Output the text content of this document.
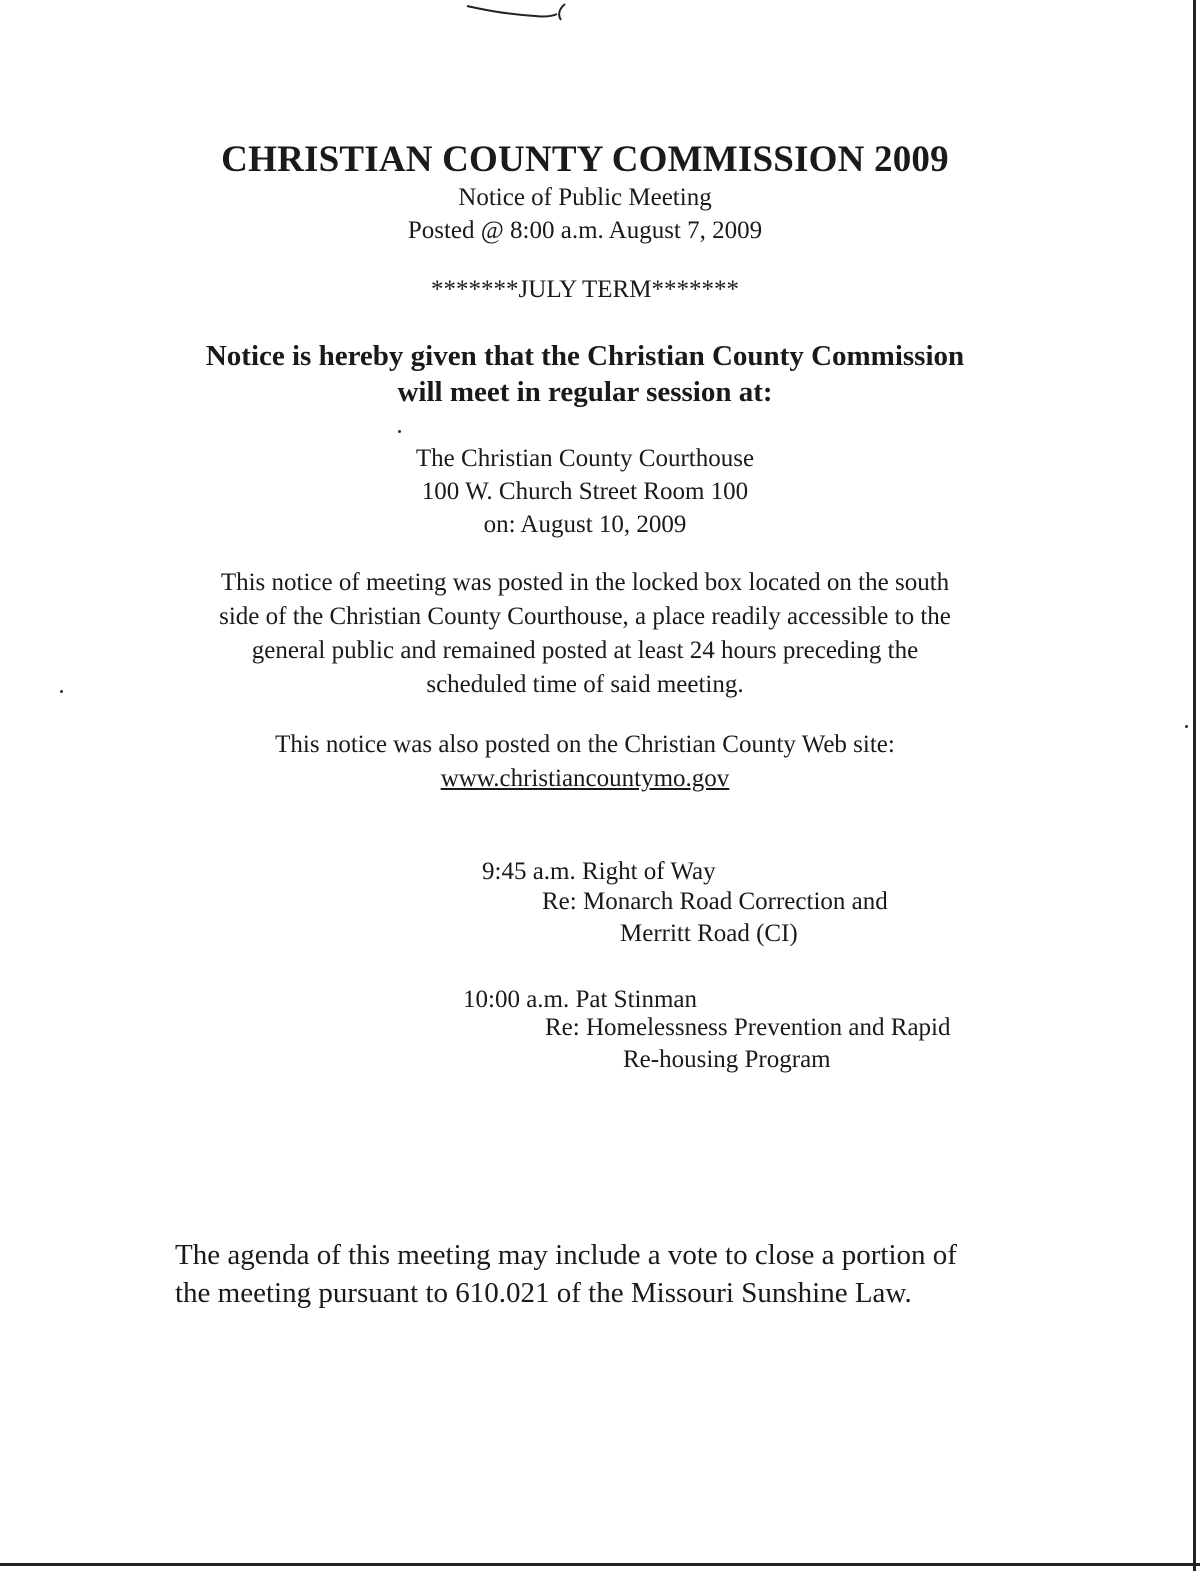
CHRISTIAN COUNTY COMMISSION 2009
Notice of Public Meeting
Posted @ 8:00 a.m. August 7, 2009
*******JULY TERM*******
Notice is hereby given that the Christian County Commission
will meet in regular session at:
The Christian County Courthouse
100 W. Church Street Room 100
on: August 10, 2009
This notice of meeting was posted in the locked box located on the south
side of the Christian County Courthouse, a place readily accessible to the
general public and remained posted at least 24 hours preceding the
scheduled time of said meeting.
This notice was also posted on the Christian County Web site:
www.christiancountymo.gov
9:45 a.m. Right of Way
Re: Monarch Road Correction and
Merritt Road (CI)
10:00 a.m. Pat Stinman
Re: Homelessness Prevention and Rapid
Re-housing Program
The agenda of this meeting may include a vote to close a portion of
the meeting pursuant to 610.021 of the Missouri Sunshine Law.
